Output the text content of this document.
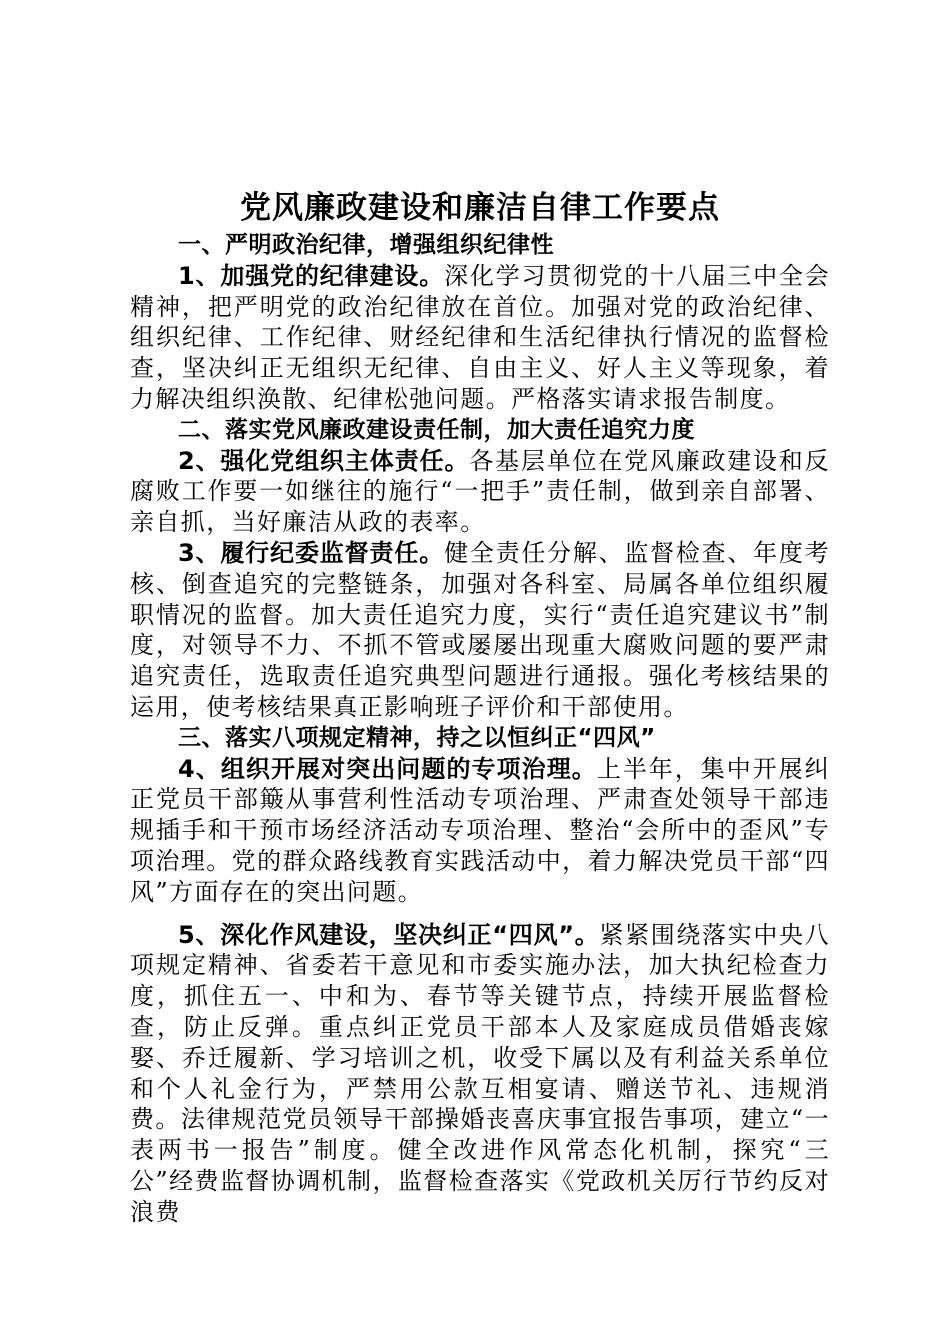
党风廉政建设和廉洁自律工作要点

一、严明政治纪律，增强组织纪律性

1、加强党的纪律建设。深化学习贯彻党的十八届三中全会精神，把严明党的政治纪律放在首位。加强对党的政治纪律、组织纪律、工作纪律、财经纪律和生活纪律执行情况的监督检查，坚决纠正无组织无纪律、自由主义、好人主义等现象，着力解决组织涣散、纪律松弛问题。严格落实请求报告制度。

二、落实党风廉政建设责任制，加大责任追究力度

2、强化党组织主体责任。各基层单位在党风廉政建设和反腐败工作要一如继往的施行“一把手”责任制，做到亲自部署、亲自抓，当好廉洁从政的表率。

3、履行纪委监督责任。健全责任分解、监督检查、年度考核、倒查追究的完整链条，加强对各科室、局属各单位组织履职情况的监督。加大责任追究力度，实行“责任追究建议书”制度，对领导不力、不抓不管或屡屡出现重大腐败问题的要严肃追究责任，选取责任追究典型问题进行通报。强化考核结果的运用，使考核结果真正影响班子评价和干部使用。

三、落实八项规定精神，持之以恒纠正“四风”

4、组织开展对突出问题的专项治理。上半年，集中开展纠正党员干部簸从事营利性活动专项治理、严肃查处领导干部违规插手和干预市场经济活动专项治理、整治“会所中的歪风”专项治理。党的群众路线教育实践活动中，着力解决党员干部“四风”方面存在的突出问题。

5、深化作风建设，坚决纠正“四风”。紧紧围绕落实中央八项规定精神、省委若干意见和市委实施办法，加大执纪检查力度，抓住五一、中和为、春节等关键节点，持续开展监督检查，防止反弹。重点纠正党员干部本人及家庭成员借婚丧嫁娶、乔迁履新、学习培训之机，收受下属以及有利益关系单位和个人礼金行为，严禁用公款互相宴请、赠送节礼、违规消费。法律规范党员领导干部操婚丧喜庆事宜报告事项，建立“一表两书一报告”制度。健全改进作风常态化机制，探究“三公”经费监督协调机制，监督检查落实《党政机关厉行节约反对浪费
